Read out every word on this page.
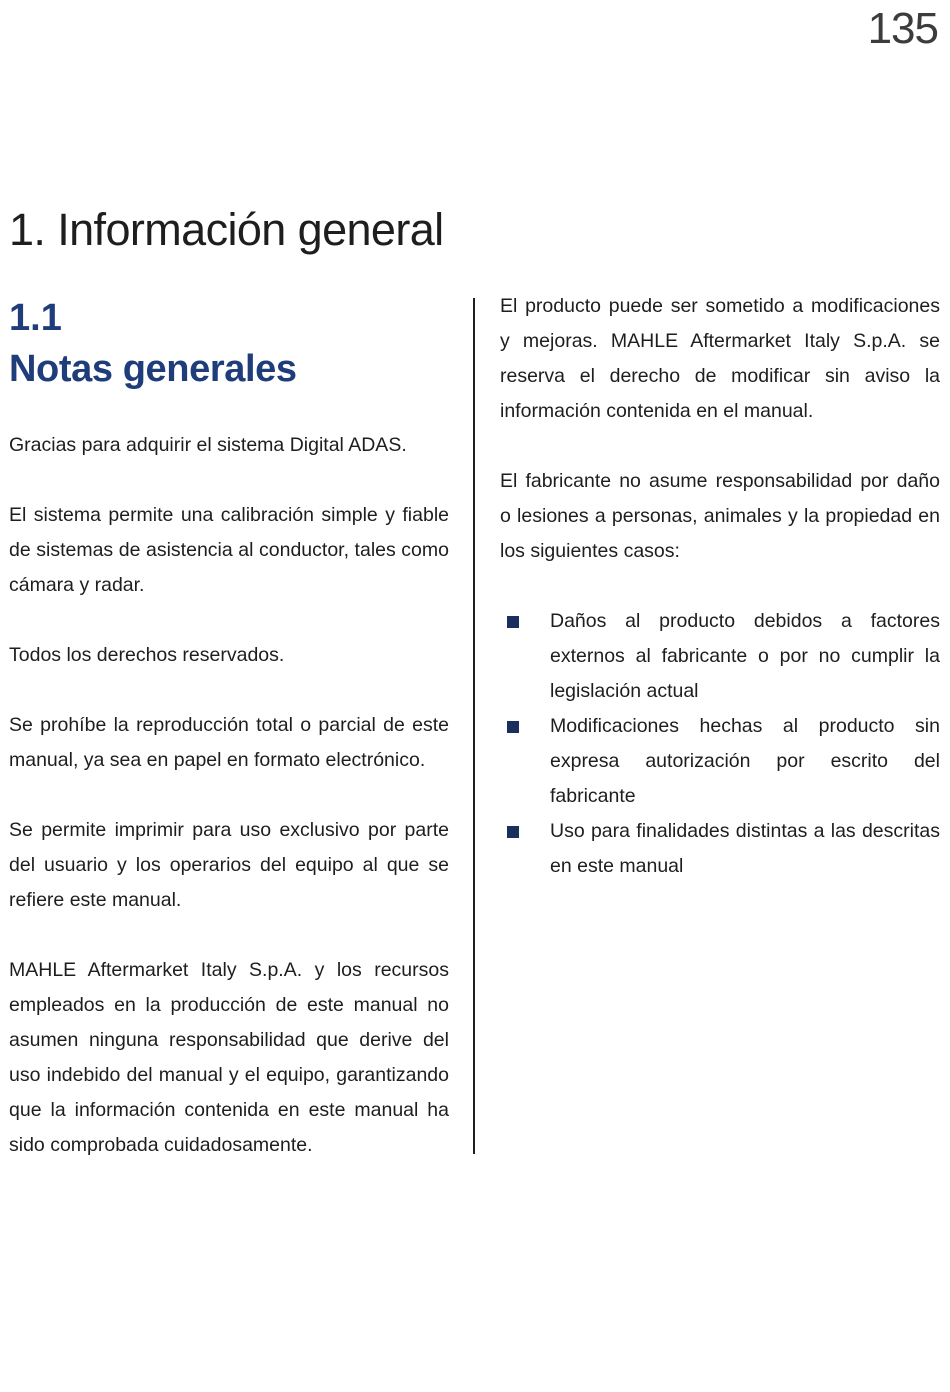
135
1. Información general
1.1
Notas generales

Gracias para adquirir el sistema Digital ADAS.

El sistema permite una calibración simple y fiable de sistemas de asistencia al conductor, tales como cámara y radar.

Todos los derechos reservados.

Se prohíbe la reproducción total o parcial de este manual, ya sea en papel en formato electrónico.

Se permite imprimir para uso exclusivo por parte del usuario y los operarios del equipo al que se refiere este manual.

MAHLE Aftermarket Italy S.p.A. y los recursos empleados en la producción de este manual no asumen ninguna responsabilidad que derive del uso indebido del manual y el equipo, garantizando que la información contenida en este manual ha sido comprobada cuidadosamente.

El producto puede ser sometido a modificaciones y mejoras. MAHLE Aftermarket Italy S.p.A. se reserva el derecho de modificar sin aviso la información contenida en el manual.

El fabricante no asume responsabilidad por daño o lesiones a personas, animales y la propiedad en los siguientes casos:

Daños al producto debidos a factores externos al fabricante o por no cumplir la legislación actual
Modificaciones hechas al producto sin expresa autorización por escrito del fabricante
Uso para finalidades distintas a las descritas en este manual
